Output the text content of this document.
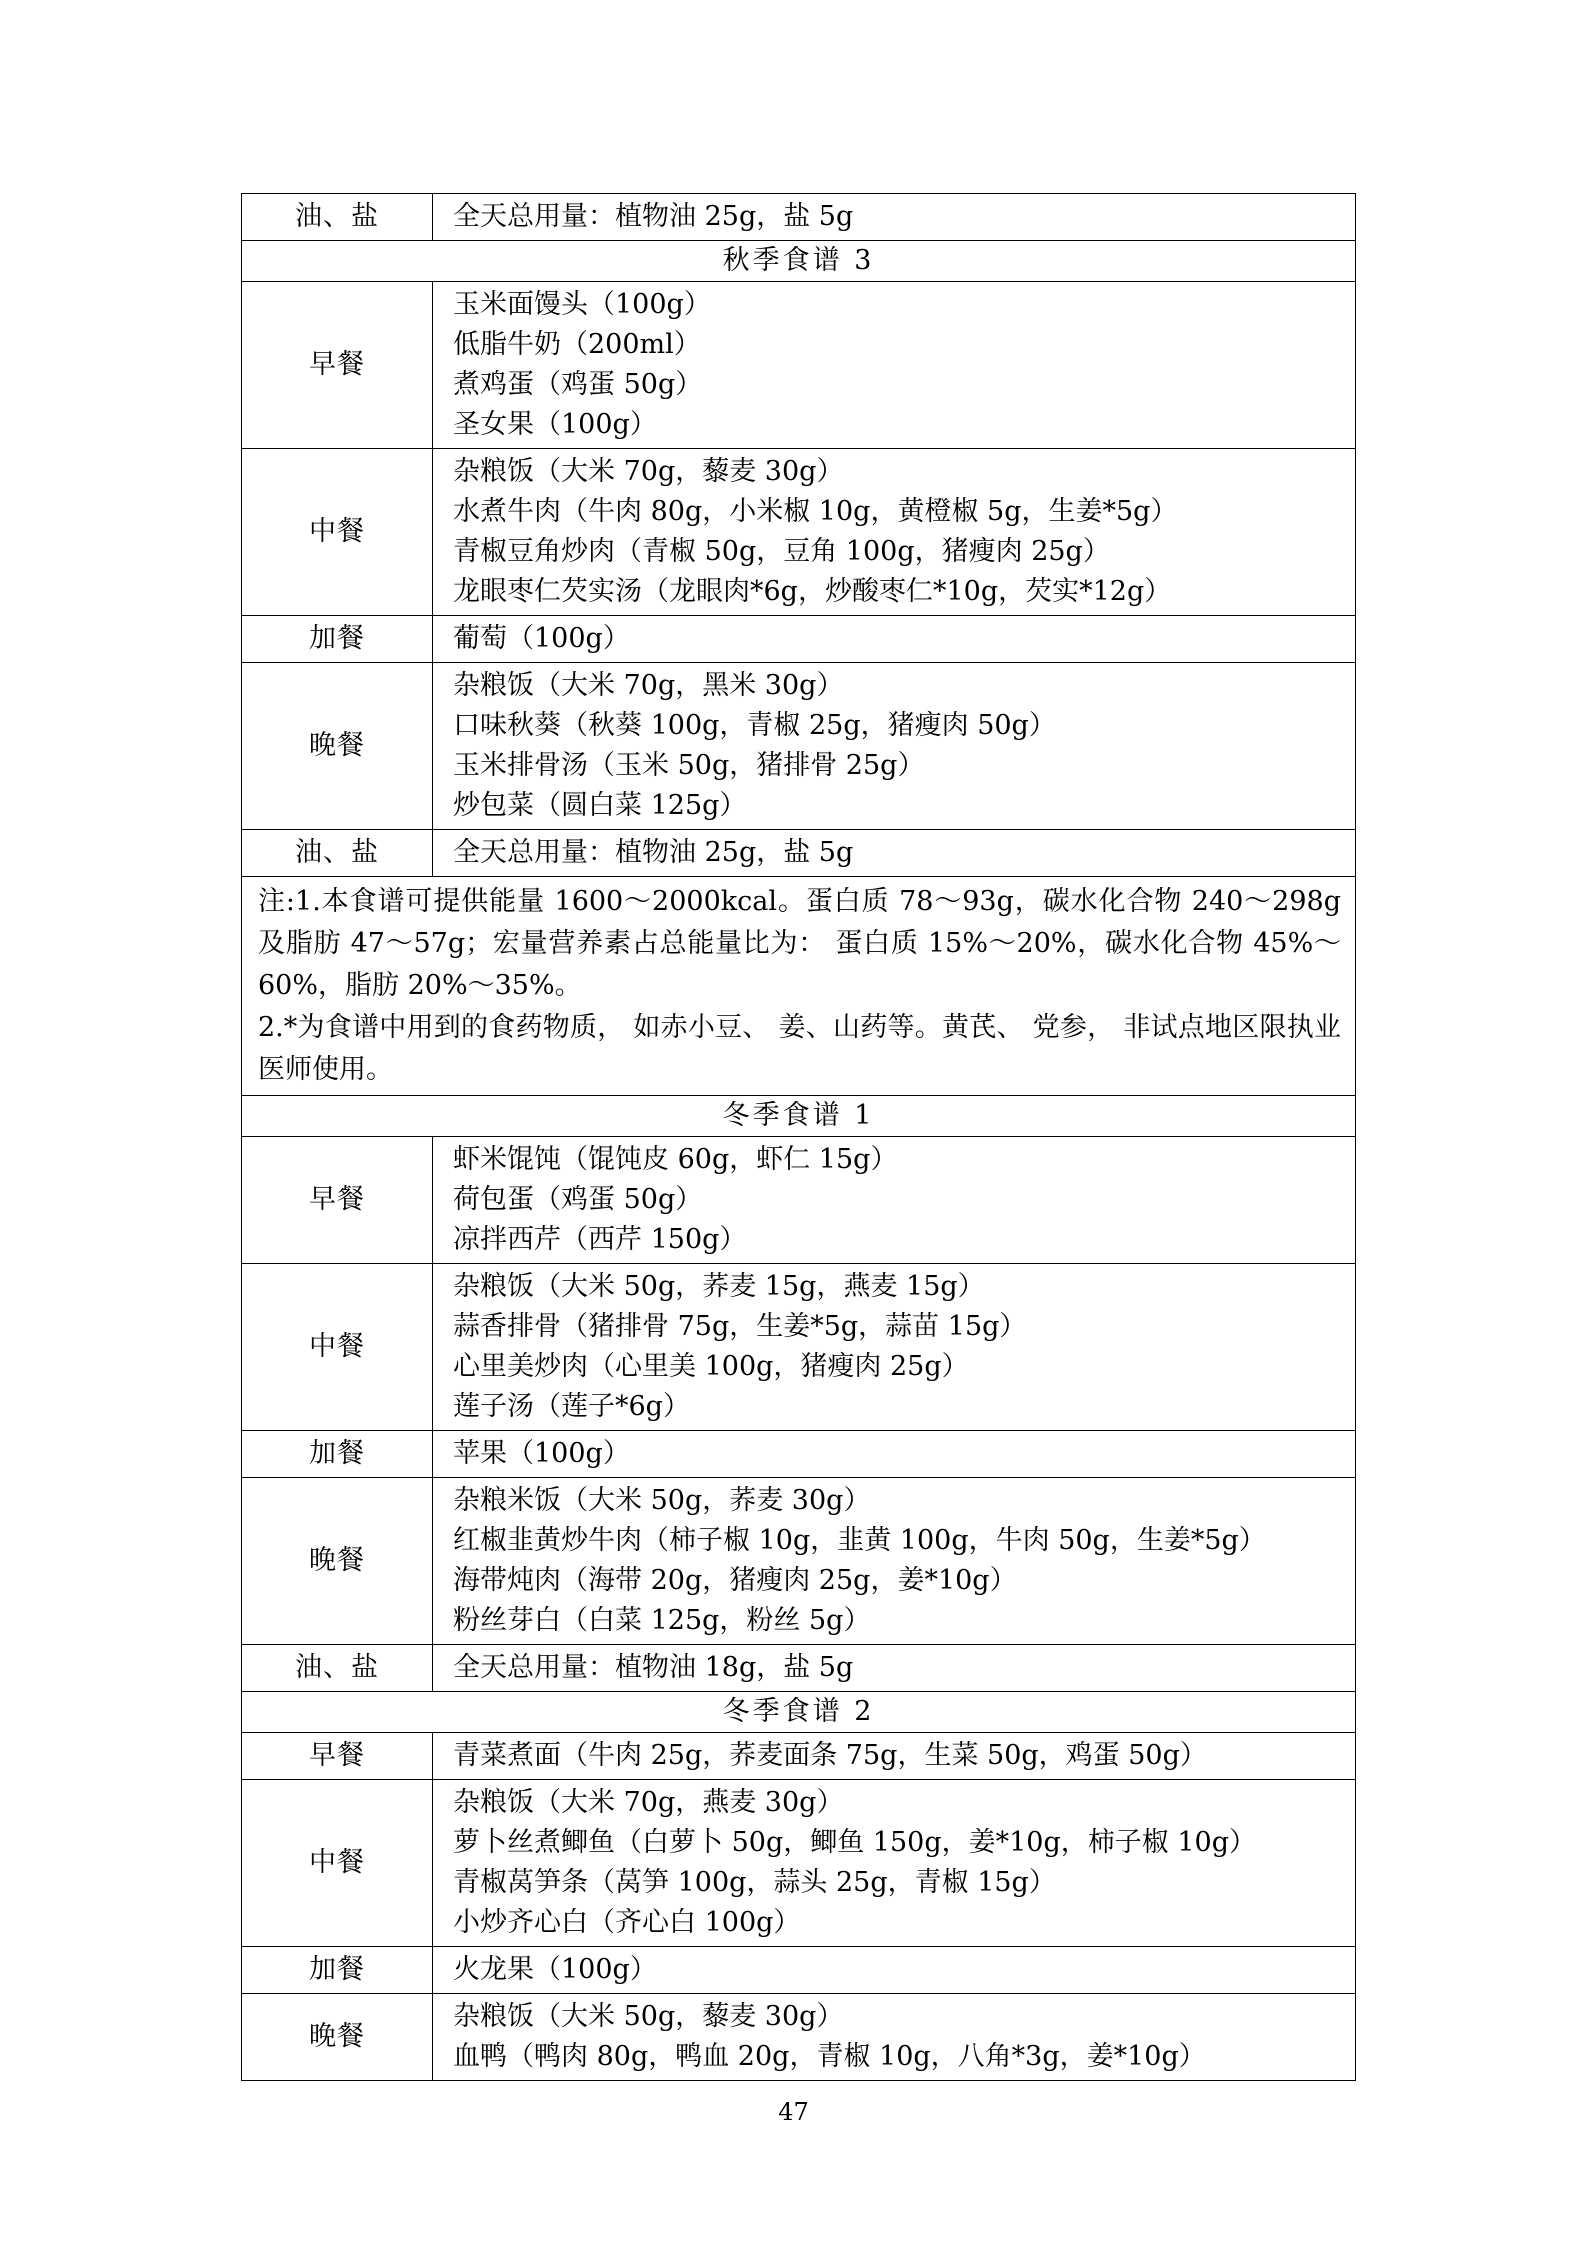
油、盐	全天总用量：植物油 25g，盐 5g

秋季食谱 3	
早餐	玉米面馒头（100g）
低脂牛奶（200ml）
煮鸡蛋（鸡蛋 50g）
圣女果（100g）

中餐	杂粮饭（大米 70g，藜麦 30g）
水煮牛肉（牛肉 80g，小米椒 10g，黄橙椒 5g，生姜*5g）
青椒豆角炒肉（青椒 50g，豆角 100g，猪瘦肉 25g）
龙眼枣仁芡实汤（龙眼肉*6g，炒酸枣仁*10g，芡实*12g）

加餐	葡萄（100g）

晚餐	杂粮饭（大米 70g，黑米 30g）
口味秋葵（秋葵 100g，青椒 25g，猪瘦肉 50g）
玉米排骨汤（玉米 50g，猪排骨 25g）
炒包菜（圆白菜 125g）

油、盐	全天总用量：植物油 25g，盐 5g

注:1.本食谱可提供能量 1600～2000kcal。蛋白质 78～93g，碳水化合物 240～298g 及脂肪 47～57g；宏量营养素占总能量比为： 蛋白质 15%～20%，碳水化合物 45%～60%，脂肪 20%～35%。
2.*为食谱中用到的食药物质， 如赤小豆、 姜、山药等。黄芪、 党参， 非试点地区限执业医师使用。	

冬季食谱 1	
早餐	虾米馄饨（馄饨皮 60g，虾仁 15g）
荷包蛋（鸡蛋 50g）
凉拌西芹（西芹 150g）

中餐	杂粮饭（大米 50g，荞麦 15g，燕麦 15g）
蒜香排骨（猪排骨 75g，生姜*5g，蒜苗 15g）
心里美炒肉（心里美 100g，猪瘦肉 25g）
莲子汤（莲子*6g）

加餐	苹果（100g）

晚餐	杂粮米饭（大米 50g，荞麦 30g）
红椒韭黄炒牛肉（柿子椒 10g，韭黄 100g，牛肉 50g，生姜*5g）
海带炖肉（海带 20g，猪瘦肉 25g，姜*10g）
粉丝芽白（白菜 125g，粉丝 5g）

油、盐	全天总用量：植物油 18g，盐 5g

冬季食谱 2	
早餐	青菜煮面（牛肉 25g，荞麦面条 75g，生菜 50g，鸡蛋 50g）

中餐	杂粮饭（大米 70g，燕麦 30g）
萝卜丝煮鲫鱼（白萝卜 50g，鲫鱼 150g，姜*10g，柿子椒 10g）
青椒莴笋条（莴笋 100g，蒜头 25g，青椒 15g）
小炒齐心白（齐心白 100g）

加餐	火龙果（100g）

晚餐	杂粮饭（大米 50g，藜麦 30g）
血鸭（鸭肉 80g，鸭血 20g，青椒 10g，八角*3g，姜*10g）
47
